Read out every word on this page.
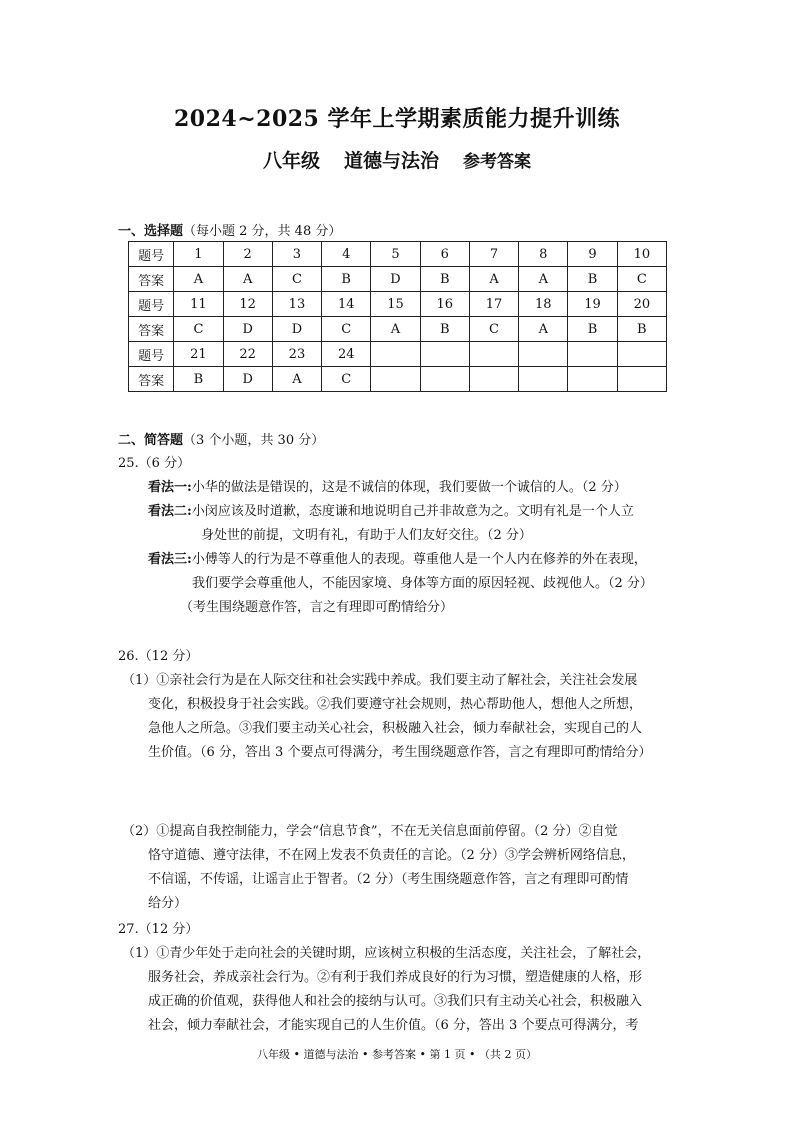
2024~2025 学年上学期素质能力提升训练
八年级 道德与法治 参考答案
一、选择题（每小题 2 分，共 48 分）
题号	1	2	3	4	5	6	7	8	9	10
答案	A	A	C	B	D	B	A	A	B	C
题号	11	12	13	14	15	16	17	18	19	20
答案	C	D	D	C	A	B	C	A	B	B
题号	21	22	23	24						
答案	B	D	A	C						
二、简答题（3 个小题，共 30 分）
25.（6 分）
看法一:小华的做法是错误的，这是不诚信的体现，我们要做一个诚信的人。（2 分）
看法二:小闵应该及时道歉，态度谦和地说明自己并非故意为之。文明有礼是一个人立
身处世的前提，文明有礼，有助于人们友好交往。（2 分）
看法三:小傅等人的行为是不尊重他人的表现。尊重他人是一个人内在修养的外在表现，
我们要学会尊重他人，不能因家境、身体等方面的原因轻视、歧视他人。（2 分）
（考生围绕题意作答，言之有理即可酌情给分）
26.（12 分）
（1）①亲社会行为是在人际交往和社会实践中养成。我们要主动了解社会，关注社会发展
变化，积极投身于社会实践。②我们要遵守社会规则，热心帮助他人，想他人之所想，
急他人之所急。③我们要主动关心社会，积极融入社会，倾力奉献社会，实现自己的人
生价值。（6 分，答出 3 个要点可得满分，考生围绕题意作答，言之有理即可酌情给分）
（2）①提高自我控制能力，学会“信息节食”，不在无关信息面前停留。（2 分）②自觉
恪守道德、遵守法律，不在网上发表不负责任的言论。（2 分）③学会辨析网络信息，
不信谣，不传谣，让谣言止于智者。（2 分）（考生围绕题意作答，言之有理即可酌情
给分）
27.（12 分）
（1）①青少年处于走向社会的关键时期，应该树立积极的生活态度，关注社会，了解社会，
服务社会，养成亲社会行为。②有利于我们养成良好的行为习惯，塑造健康的人格，形
成正确的价值观，获得他人和社会的接纳与认可。③我们只有主动关心社会，积极融入
社会，倾力奉献社会，才能实现自己的人生价值。（6 分，答出 3 个要点可得满分，考
八年级 • 道德与法治 • 参考答案 • 第 1 页 • （共 2 页）
